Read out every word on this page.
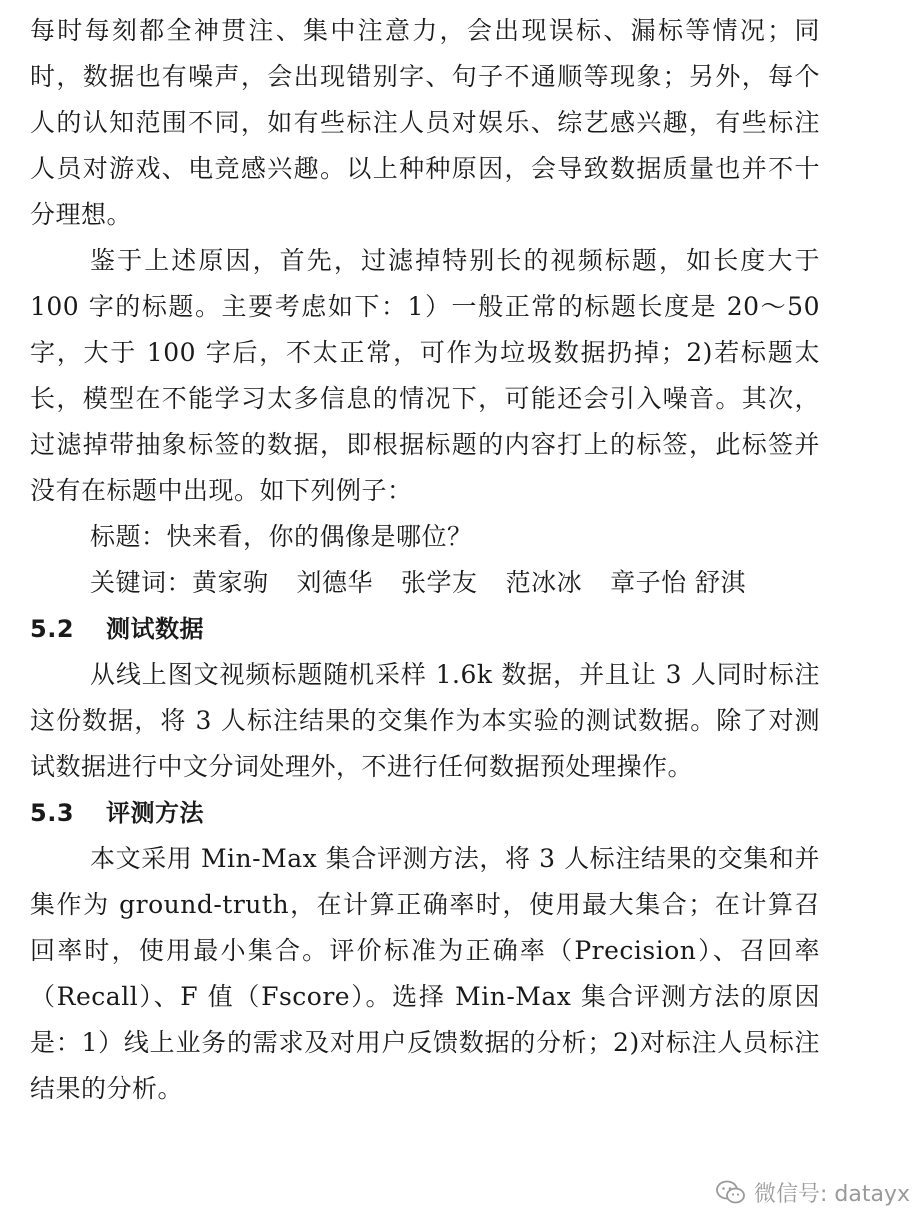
每时每刻都全神贯注、集中注意力，会出现误标、漏标等情况；同时，数据也有噪声，会出现错别字、句子不通顺等现象；另外，每个人的认知范围不同，如有些标注人员对娱乐、综艺感兴趣，有些标注人员对游戏、电竞感兴趣。以上种种原因，会导致数据质量也并不十分理想。

鉴于上述原因，首先，过滤掉特别长的视频标题，如长度大于 100 字的标题。主要考虑如下：1）一般正常的标题长度是 20～50 字，大于 100 字后，不太正常，可作为垃圾数据扔掉；2)若标题太长，模型在不能学习太多信息的情况下，可能还会引入噪音。其次，过滤掉带抽象标签的数据，即根据标题的内容打上的标签，此标签并没有在标题中出现。如下列例子：

标题：快来看，你的偶像是哪位？

关键词：黄家驹 刘德华 张学友 范冰冰 章子怡 舒淇

5.2 测试数据

从线上图文视频标题随机采样 1.6k 数据，并且让 3 人同时标注这份数据，将 3 人标注结果的交集作为本实验的测试数据。除了对测试数据进行中文分词处理外，不进行任何数据预处理操作。

5.3 评测方法

本文采用 Min-Max 集合评测方法，将 3 人标注结果的交集和并集作为 ground-truth，在计算正确率时，使用最大集合；在计算召回率时，使用最小集合。评价标准为正确率（Precision）、召回率（Recall）、F 值（Fscore）。选择 Min-Max 集合评测方法的原因是：1）线上业务的需求及对用户反馈数据的分析；2)对标注人员标注结果的分析。

微信号: datayx
